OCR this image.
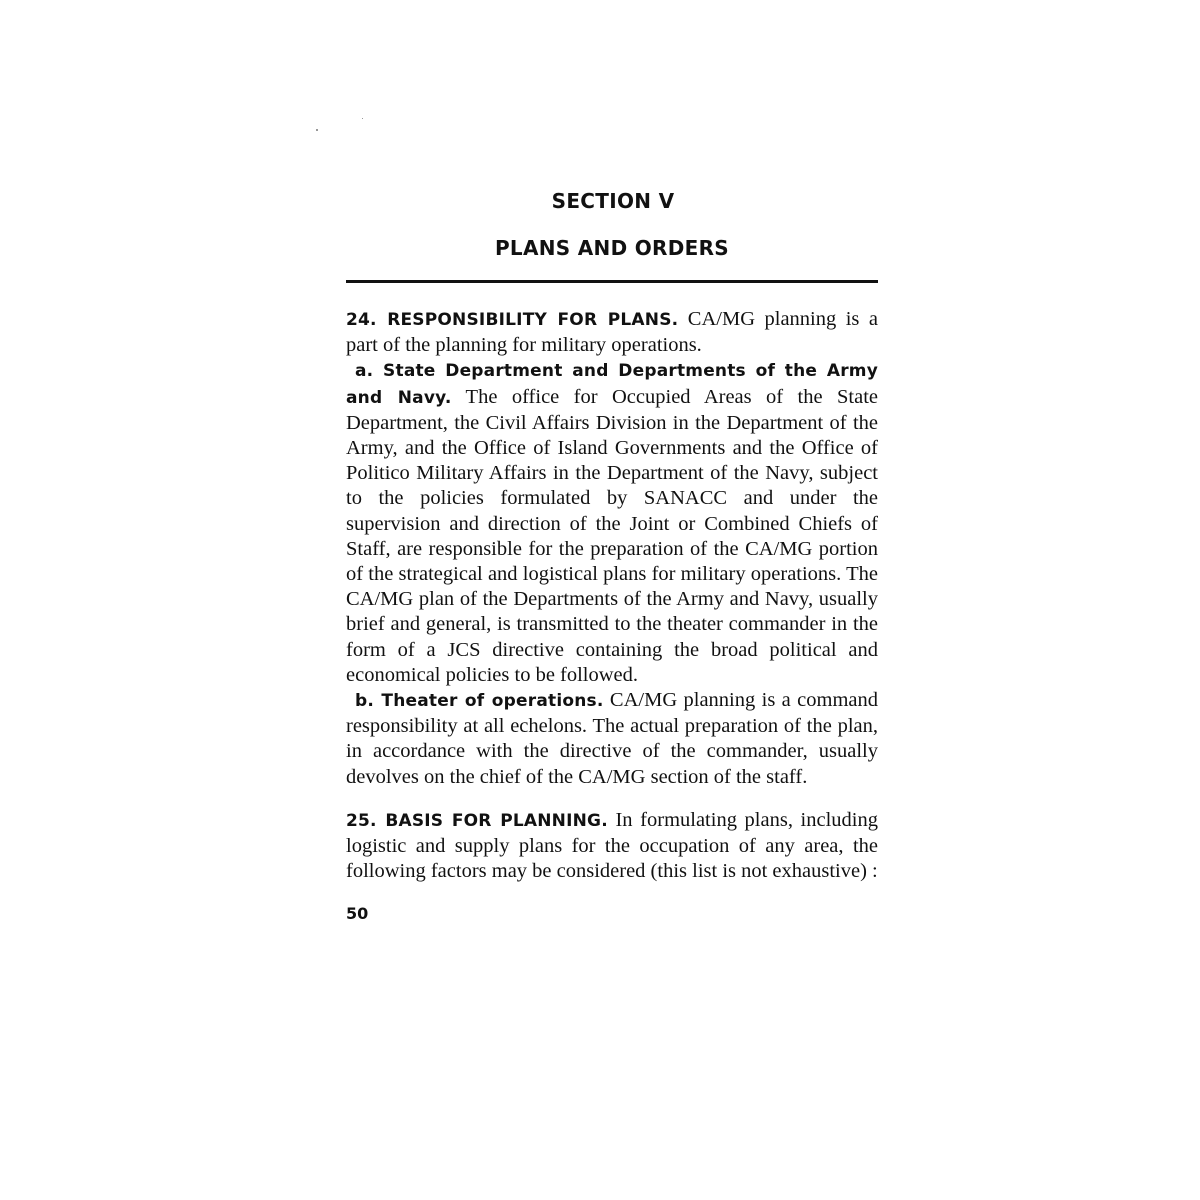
SECTION V
PLANS AND ORDERS

24. RESPONSIBILITY FOR PLANS. CA/MG planning is a part of the planning for military operations.

a. State Department and Departments of the Army and Navy. The office for Occupied Areas of the State Department, the Civil Affairs Division in the Department of the Army, and the Office of Island Governments and the Office of Politico Military Affairs in the Department of the Navy, subject to the policies formulated by SANACC and under the supervision and direction of the Joint or Combined Chiefs of Staff, are responsible for the preparation of the CA/MG portion of the strategical and logistical plans for military operations. The CA/MG plan of the Departments of the Army and Navy, usually brief and general, is transmitted to the theater commander in the form of a JCS directive containing the broad political and economical policies to be followed.

b. Theater of operations. CA/MG planning is a command responsibility at all echelons. The actual preparation of the plan, in accordance with the directive of the commander, usually devolves on the chief of the CA/MG section of the staff.

25. BASIS FOR PLANNING. In formulating plans, including logistic and supply plans for the occupation of any area, the following factors may be considered (this list is not exhaustive) :

50
